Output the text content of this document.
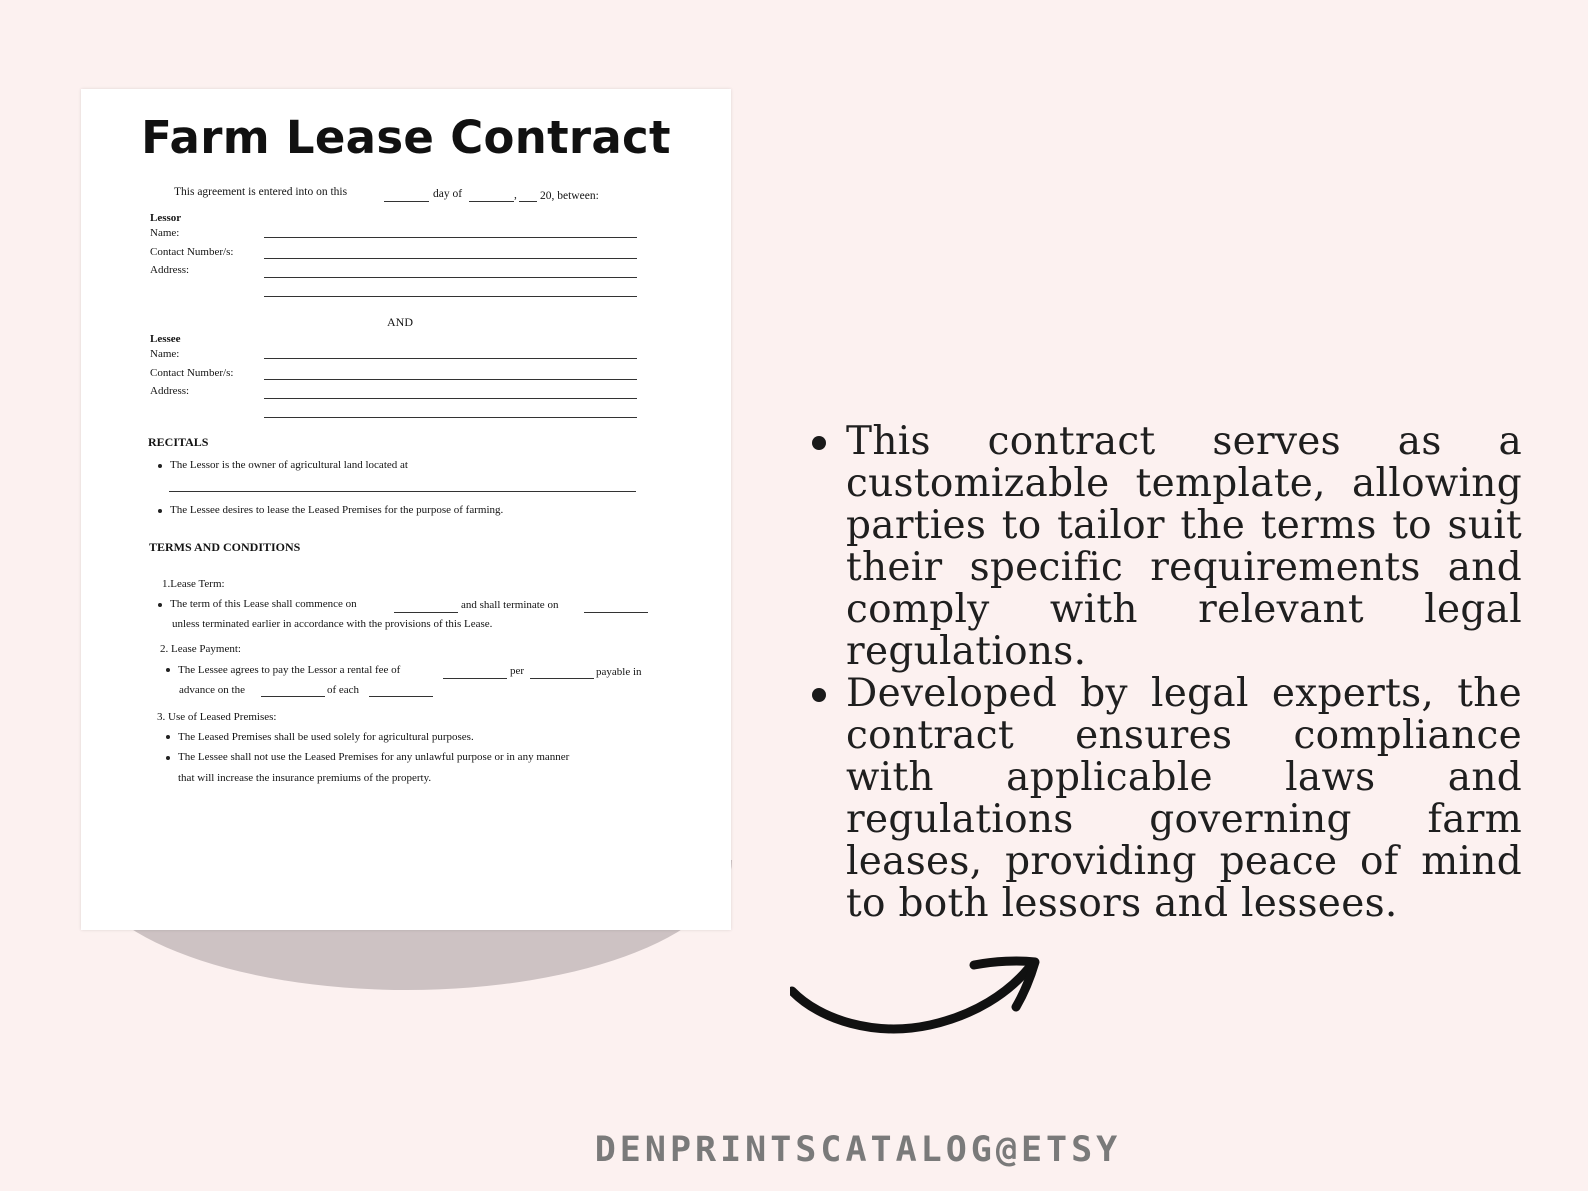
Farm Lease Contract
This agreement is entered into on this	day of	, 20, between:
Lessor
Name:
Contact Number/s:
Address:
AND
Lessee
Name:
Contact Number/s:
Address:
RECITALS
The Lessor is the owner of agricultural land located at
The Lessee desires to lease the Leased Premises for the purpose of farming.
TERMS AND CONDITIONS
1.Lease Term:
The term of this Lease shall commence on	and shall terminate on
unless terminated earlier in accordance with the provisions of this Lease.
2. Lease Payment:
The Lessee agrees to pay the Lessor a rental fee of	per	payable in
advance on the	of each
3. Use of Leased Premises:
The Leased Premises shall be used solely for agricultural purposes.
The Lessee shall not use the Leased Premises for any unlawful purpose or in any manner
that will increase the insurance premiums of the property.
This contract serves as a customizable template, allowing parties to tailor the terms to suit their specific requirements and comply with relevant legal regulations.
Developed by legal experts, the contract ensures compliance with applicable laws and regulations governing farm leases, providing peace of mind to both lessors and lessees.
DENPRINTSCATALOG@ETSY
